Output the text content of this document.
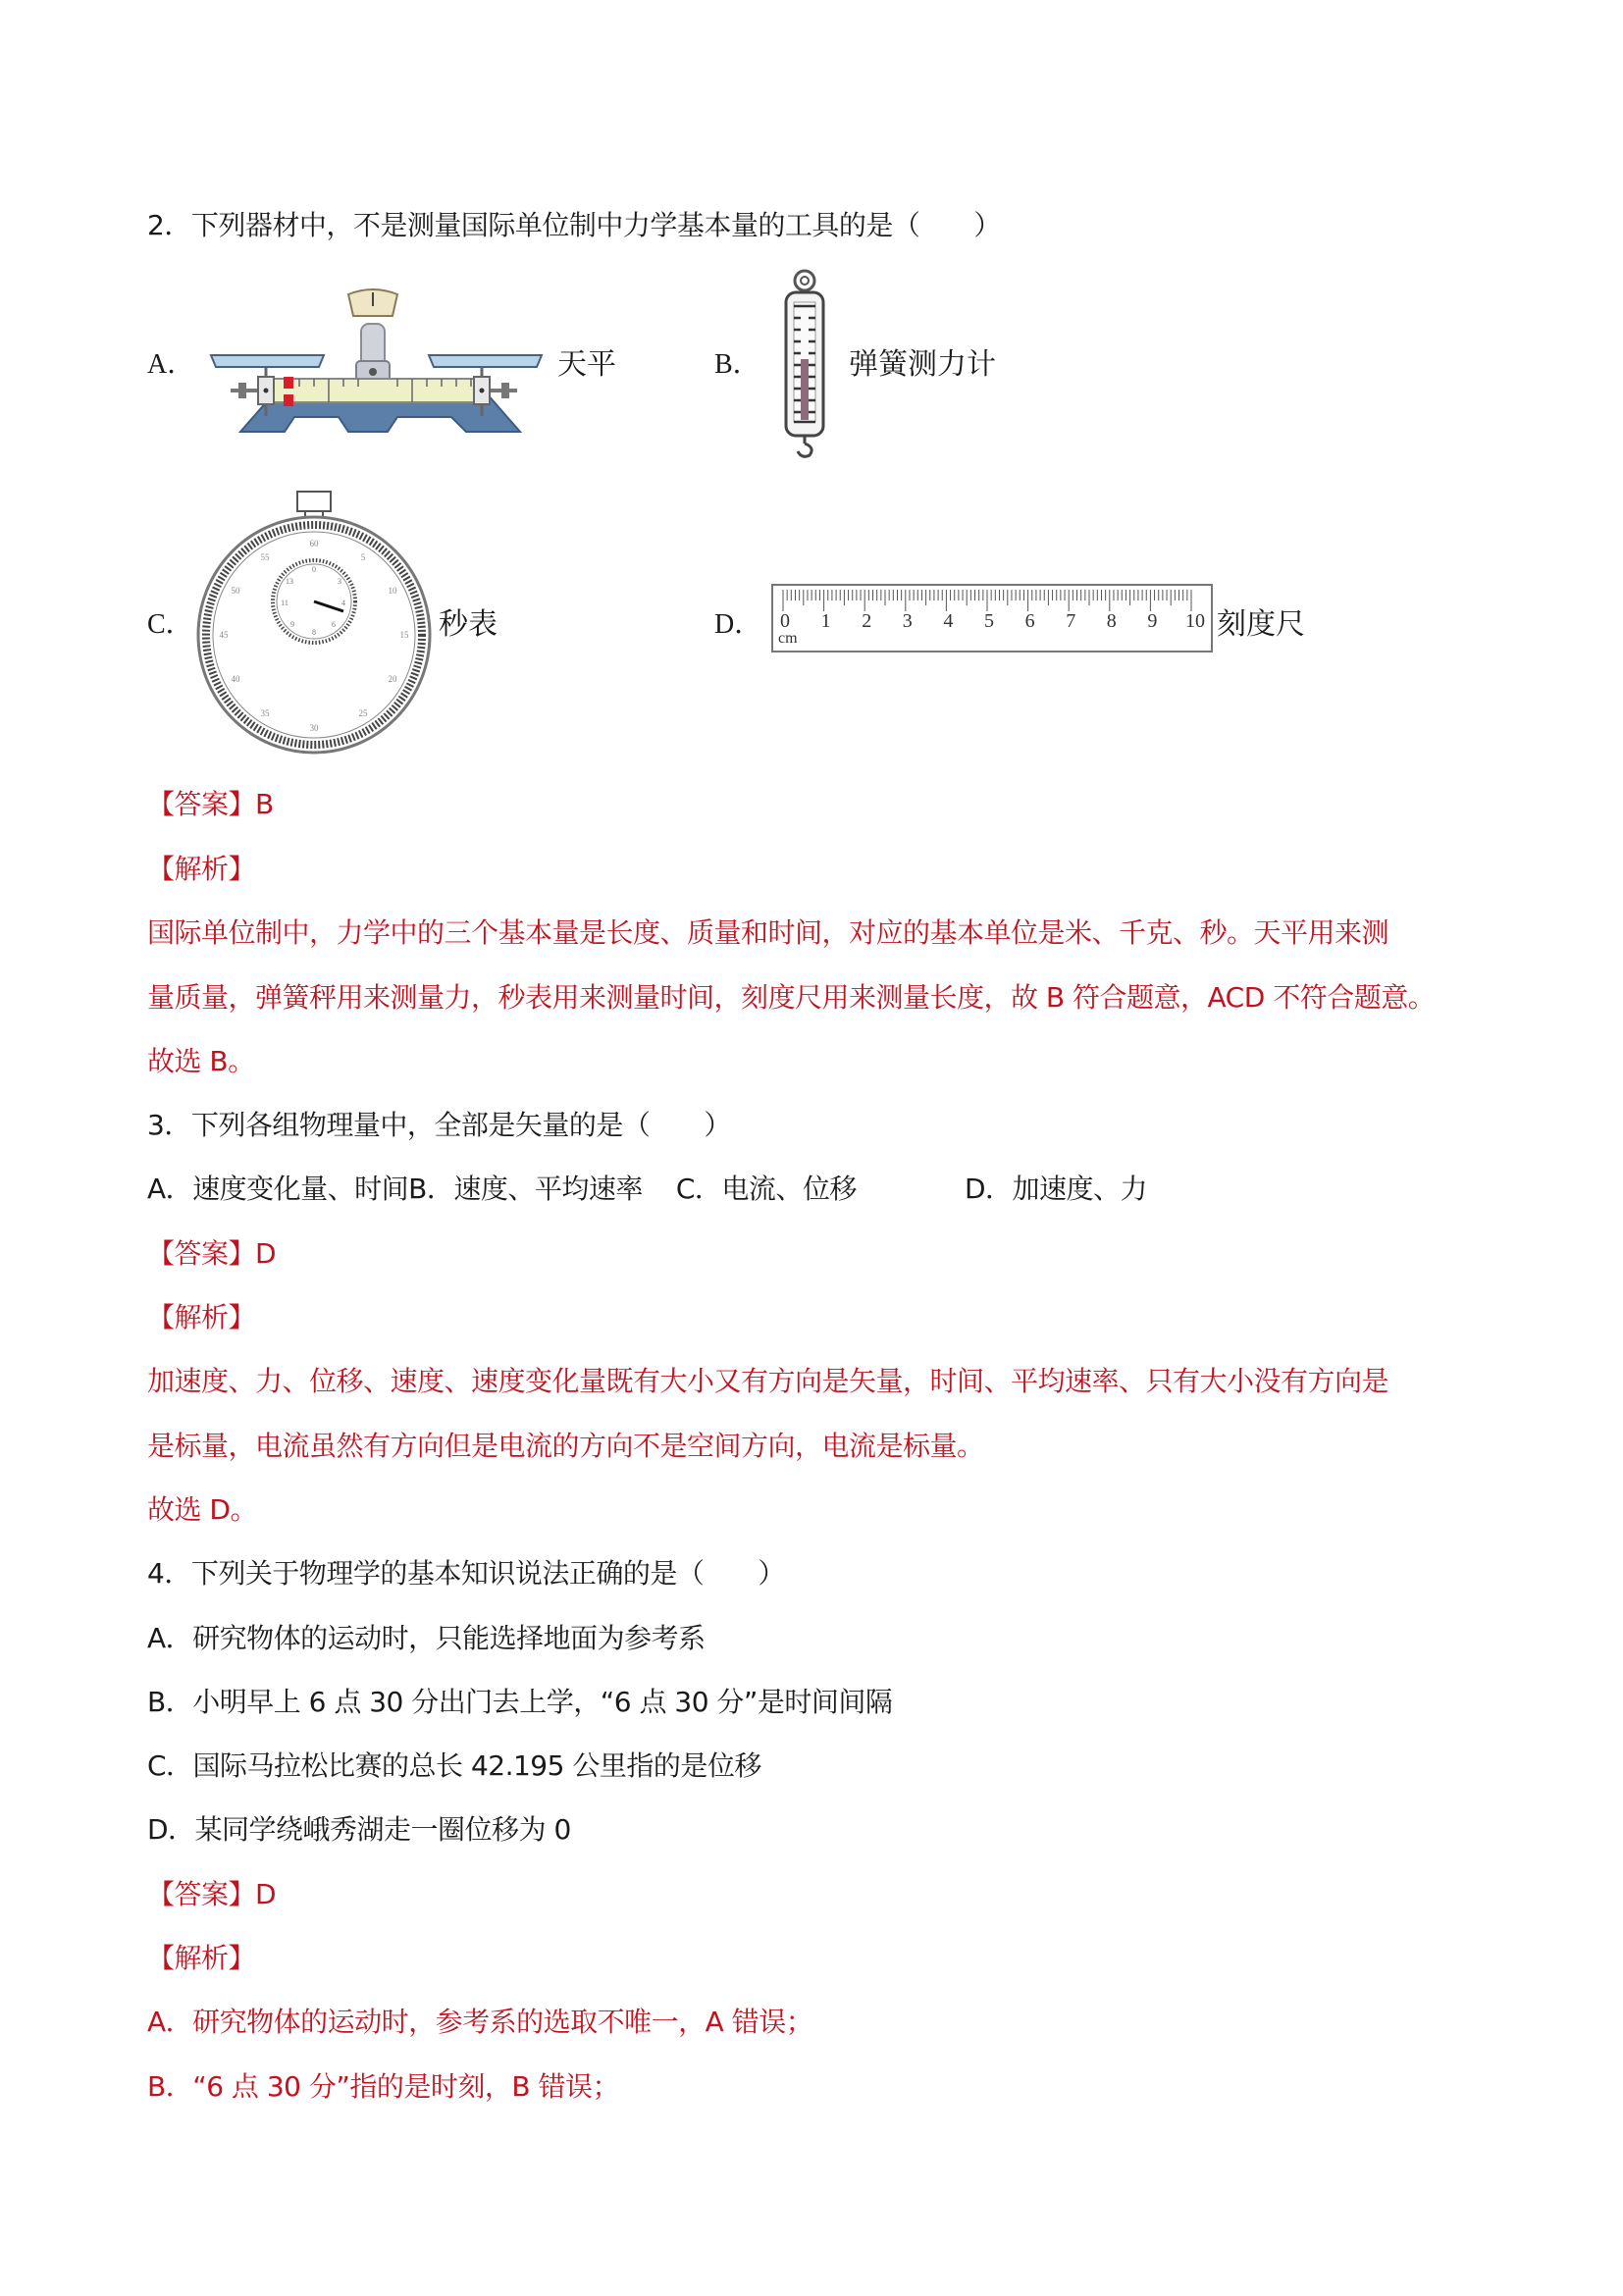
2．下列器材中，不是测量国际单位制中力学基本量的工具的是（　　）
A．	天平	B．	弹簧测力计
C．
60
5
10
15
20
25
30
35
40
45
50
55
0
3
4
6
8
9
11
13
秒表	D． 0 1 2 3 4 5 6 7 8 9 10
cm	刻度尺
【答案】B
【解析】
国际单位制中，力学中的三个基本量是长度、质量和时间，对应的基本单位是米、千克、秒。天平用来测
量质量，弹簧秤用来测量力，秒表用来测量时间，刻度尺用来测量长度，故 B 符合题意，ACD 不符合题意。
故选 B。
3．下列各组物理量中，全部是矢量的是（　　）
A．速度变化量、时间B．速度、平均速率 C．电流、位移	D．加速度、力
【答案】D
【解析】
加速度、力、位移、速度、速度变化量既有大小又有方向是矢量，时间、平均速率、只有大小没有方向是
是标量，电流虽然有方向但是电流的方向不是空间方向，电流是标量。
故选 D。
4．下列关于物理学的基本知识说法正确的是（　　）
A．研究物体的运动时，只能选择地面为参考系
B．小明早上 6 点 30 分出门去上学，“6 点 30 分”是时间间隔
C．国际马拉松比赛的总长 42.195 公里指的是位移
D．某同学绕峨秀湖走一圈位移为 0
【答案】D
【解析】
A．研究物体的运动时，参考系的选取不唯一，A 错误；
B．“6 点 30 分”指的是时刻，B 错误；
